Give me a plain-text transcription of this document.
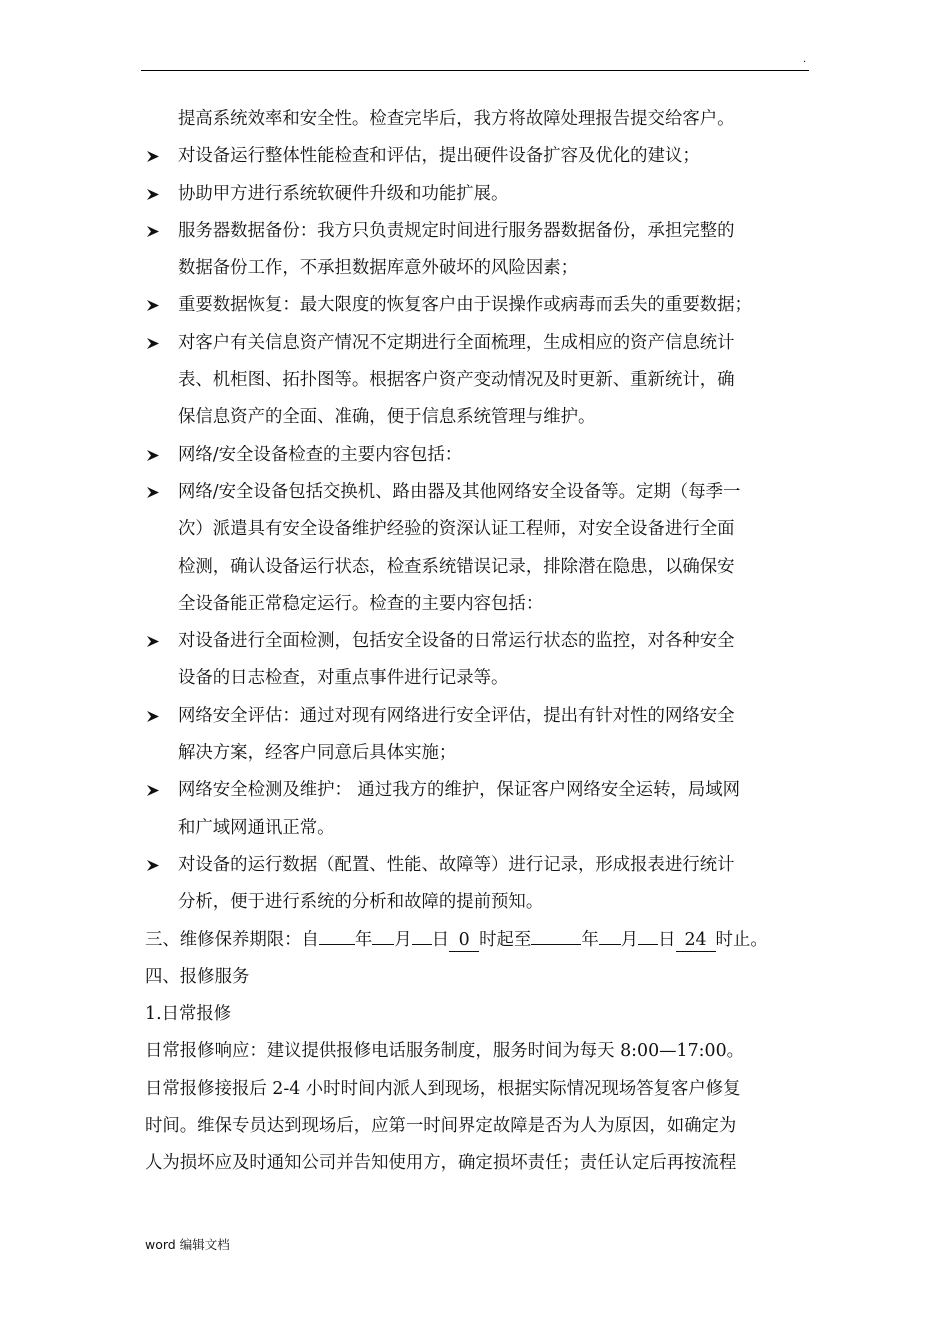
.
提高系统效率和安全性。检查完毕后，我方将故障处理报告提交给客户。
对设备运行整体性能检查和评估，提出硬件设备扩容及优化的建议；
协助甲方进行系统软硬件升级和功能扩展。
服务器数据备份：我方只负责规定时间进行服务器数据备份，承担完整的
数据备份工作，不承担数据库意外破坏的风险因素；
重要数据恢复：最大限度的恢复客户由于误操作或病毒而丢失的重要数据；
对客户有关信息资产情况不定期进行全面梳理，生成相应的资产信息统计
表、机柜图、拓扑图等。根据客户资产变动情况及时更新、重新统计，确
保信息资产的全面、准确，便于信息系统管理与维护。
网络/安全设备检查的主要内容包括：
网络/安全设备包括交换机、路由器及其他网络安全设备等。定期（每季一
次）派遣具有安全设备维护经验的资深认证工程师，对安全设备进行全面
检测，确认设备运行状态，检查系统错误记录，排除潜在隐患，以确保安
全设备能正常稳定运行。检查的主要内容包括：
对设备进行全面检测，包括安全设备的日常运行状态的监控，对各种安全
设备的日志检查，对重点事件进行记录等。
网络安全评估：通过对现有网络进行安全评估，提出有针对性的网络安全
解决方案，经客户同意后具体实施；
网络安全检测及维护： 通过我方的维护，保证客户网络安全运转，局域网
和广域网通讯正常。
对设备的运行数据（配置、性能、故障等）进行记录，形成报表进行统计
分析，便于进行系统的分析和故障的提前预知。
三、维修保养期限：自 年 月 日 0 时起至	年 月 日 24 时止。
四、报修服务
1.日常报修
日常报修响应：建议提供报修电话服务制度，服务时间为每天 8:00—17:00。
日常报修接报后 2-4 小时时间内派人到现场，根据实际情况现场答复客户修复
时间。维保专员达到现场后，应第一时间界定故障是否为人为原因，如确定为
人为损坏应及时通知公司并告知使用方，确定损坏责任；责任认定后再按流程
word 编辑文档
